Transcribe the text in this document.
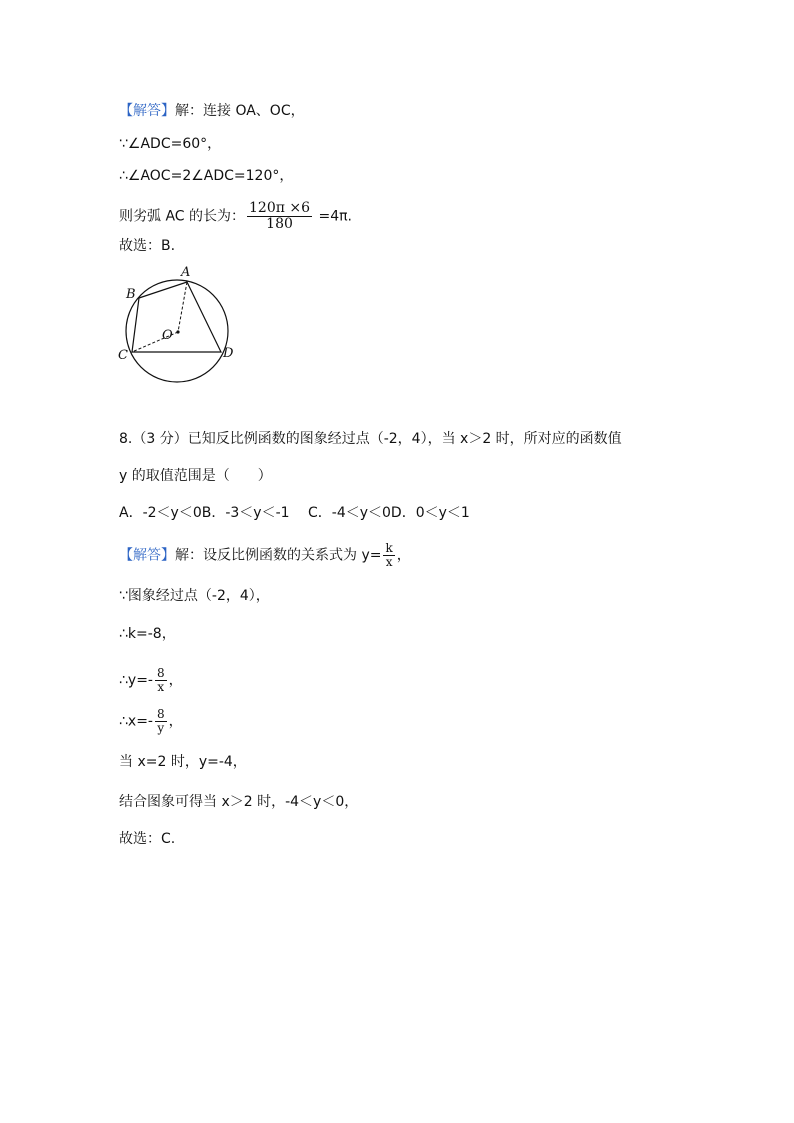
【解答】解：连接 OA、OC，
∵∠ADC=60°，
∴∠AOC=2∠ADC=120°，
则劣弧 AC 的长为： $\frac{120\pi \times 6}{180} =4\pi$.
故选：B.
A
B
C	D
O
8.（3 分）已知反比例函数的图象经过点（-2，4），当 x＞2 时，所对应的函数值
y 的取值范围是（　　）
A．-2＜y＜0B．-3＜y＜-1　 C．-4＜y＜0D．0＜y＜1
【解答】解：设反比例函数的关系式为 $y= \frac{k}{x}$ ，
∵图象经过点（-2，4），
∴k=-8，
∴y=- $\frac{8}{x}$ ，
∴x=- $\frac{8}{y}$ ，
当 x=2 时，y=-4，
结合图象可得当 x＞2 时，-4＜y＜0，
故选：C.
